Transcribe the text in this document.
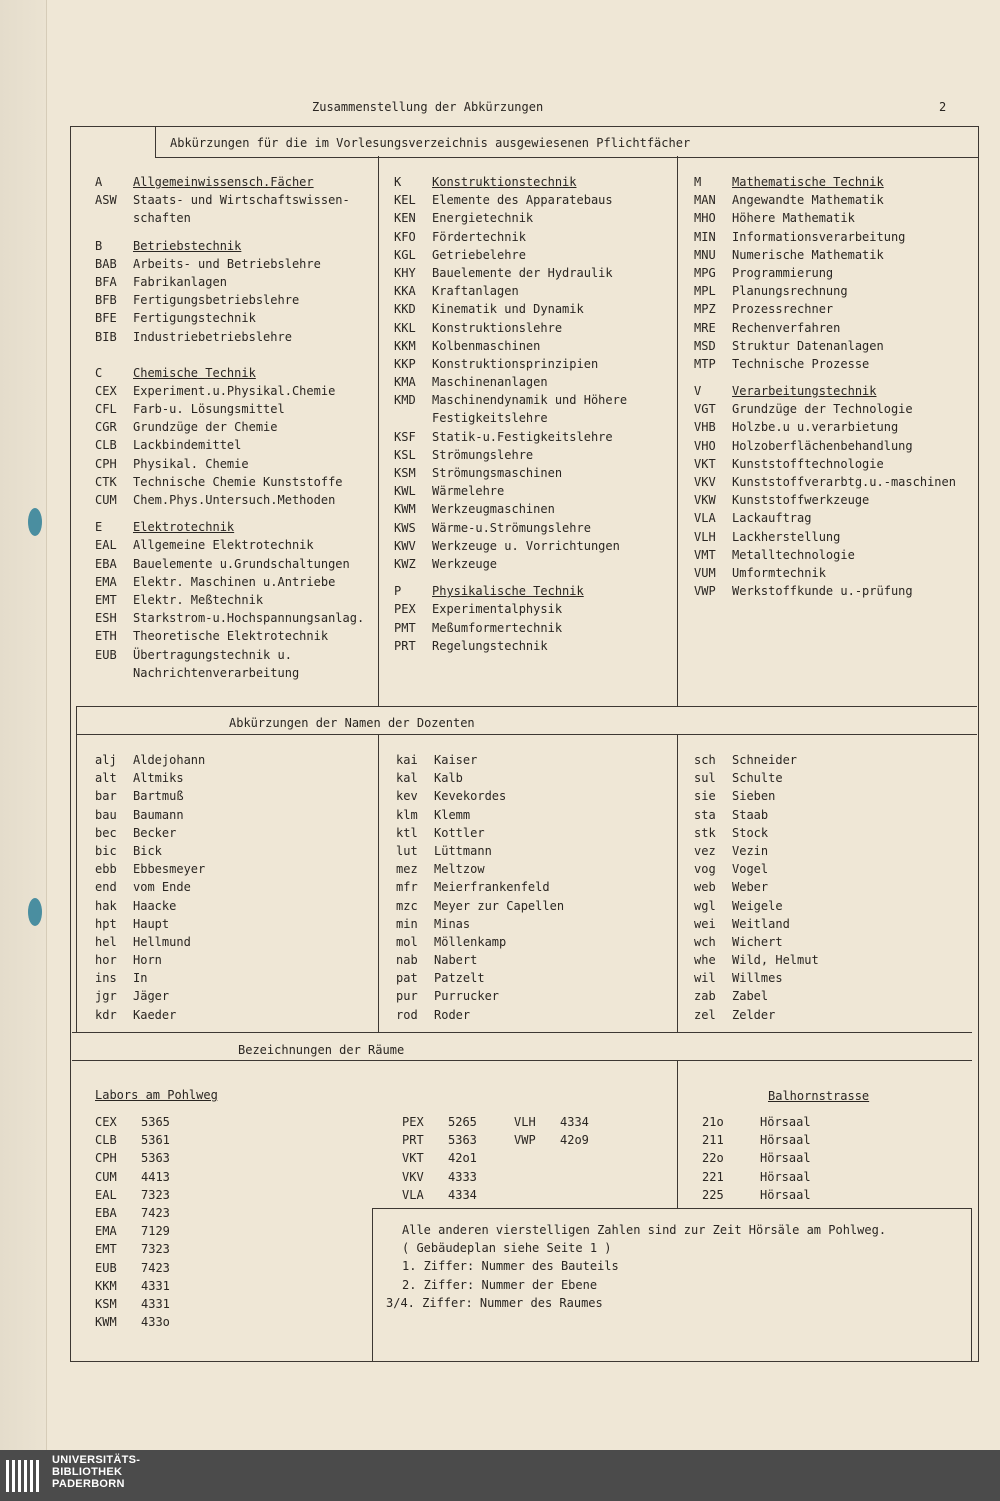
Zusammenstellung der Abkürzungen	2
Abkürzungen für die im Vorlesungsverzeichnis ausgewiesenen Pflichtfächer
Abkürzungen der Namen der Dozenten
Bezeichnungen der Räume
A	Allgemeinwissensch.Fächer
ASW	Staats- und Wirtschaftswissen-
schaften
B	Betriebstechnik
BAB	Arbeits- und Betriebslehre
BFA	Fabrikanlagen
BFB	Fertigungsbetriebslehre
BFE	Fertigungstechnik
BIB	Industriebetriebslehre
C	Chemische Technik
CEX	Experiment.u.Physikal.Chemie
CFL	Farb-u. Lösungsmittel
CGR	Grundzüge der Chemie
CLB	Lackbindemittel
CPH	Physikal. Chemie
CTK	Technische Chemie Kunststoffe
CUM	Chem.Phys.Untersuch.Methoden
E	Elektrotechnik
EAL	Allgemeine Elektrotechnik
EBA	Bauelemente u.Grundschaltungen
EMA	Elektr. Maschinen u.Antriebe
EMT	Elektr. Meßtechnik
ESH	Starkstrom-u.Hochspannungsanlag.
ETH	Theoretische Elektrotechnik
EUB	Übertragungstechnik u.
Nachrichtenverarbeitung
K	Konstruktionstechnik
KEL	Elemente des Apparatebaus
KEN	Energietechnik
KFO	Fördertechnik
KGL	Getriebelehre
KHY	Bauelemente der Hydraulik
KKA	Kraftanlagen
KKD	Kinematik und Dynamik
KKL	Konstruktionslehre
KKM	Kolbenmaschinen
KKP	Konstruktionsprinzipien
KMA	Maschinenanlagen
KMD	Maschinendynamik und Höhere
Festigkeitslehre
KSF	Statik-u.Festigkeitslehre
KSL	Strömungslehre
KSM	Strömungsmaschinen
KWL	Wärmelehre
KWM	Werkzeugmaschinen
KWS	Wärme-u.Strömungslehre
KWV	Werkzeuge u. Vorrichtungen
KWZ	Werkzeuge
P	Physikalische Technik
PEX	Experimentalphysik
PMT	Meßumformertechnik
PRT	Regelungstechnik
M	Mathematische Technik
MAN	Angewandte Mathematik
MHO	Höhere Mathematik
MIN	Informationsverarbeitung
MNU	Numerische Mathematik
MPG	Programmierung
MPL	Planungsrechnung
MPZ	Prozessrechner
MRE	Rechenverfahren
MSD	Struktur Datenanlagen
MTP	Technische Prozesse
V	Verarbeitungstechnik
VGT	Grundzüge der Technologie
VHB	Holzbe.u u.verarbietung
VHO	Holzoberflächenbehandlung
VKT	Kunststofftechnologie
VKV	Kunststoffverarbtg.u.-maschinen
VKW	Kunststoffwerkzeuge
VLA	Lackauftrag
VLH	Lackherstellung
VMT	Metalltechnologie
VUM	Umformtechnik
VWP	Werkstoffkunde u.-prüfung
alj	Aldejohann
alt	Altmiks
bar	Bartmuß
bau	Baumann
bec	Becker
bic	Bick
ebb	Ebbesmeyer
end	vom Ende
hak	Haacke
hpt	Haupt
hel	Hellmund
hor	Horn
ins	In
jgr	Jäger
kdr	Kaeder
kai	Kaiser
kal	Kalb
kev	Kevekordes
klm	Klemm
ktl	Kottler
lut	Lüttmann
mez	Meltzow
mfr	Meierfrankenfeld
mzc	Meyer zur Capellen
min	Minas
mol	Möllenkamp
nab	Nabert
pat	Patzelt
pur	Purrucker
rod	Roder
sch	Schneider
sul	Schulte
sie	Sieben
sta	Staab
stk	Stock
vez	Vezin
vog	Vogel
web	Weber
wgl	Weigele
wei	Weitland
wch	Wichert
whe	Wild, Helmut
wil	Willmes
zab	Zabel
zel	Zelder
Labors am Pohlweg
CEX	5365
CLB	5361
CPH	5363
CUM	4413
EAL	7323
EBA	7423
EMA	7129
EMT	7323
EUB	7423
KKM	4331
KSM	4331
KWM	433o
PEX	5265
PRT	5363
VKT	42o1
VKV	4333
VLA	4334
VLH	4334
VWP	42o9
Balhornstrasse
21o	Hörsaal
211	Hörsaal
22o	Hörsaal
221	Hörsaal
225	Hörsaal
Alle anderen vierstelligen Zahlen sind zur Zeit Hörsäle am Pohlweg.
( Gebäudeplan siehe Seite 1 )
1. Ziffer: Nummer des Bauteils
2. Ziffer: Nummer der Ebene
3/4. Ziffer: Nummer des Raumes
UNIVERSITÄTS-
BIBLIOTHEK
PADERBORN
